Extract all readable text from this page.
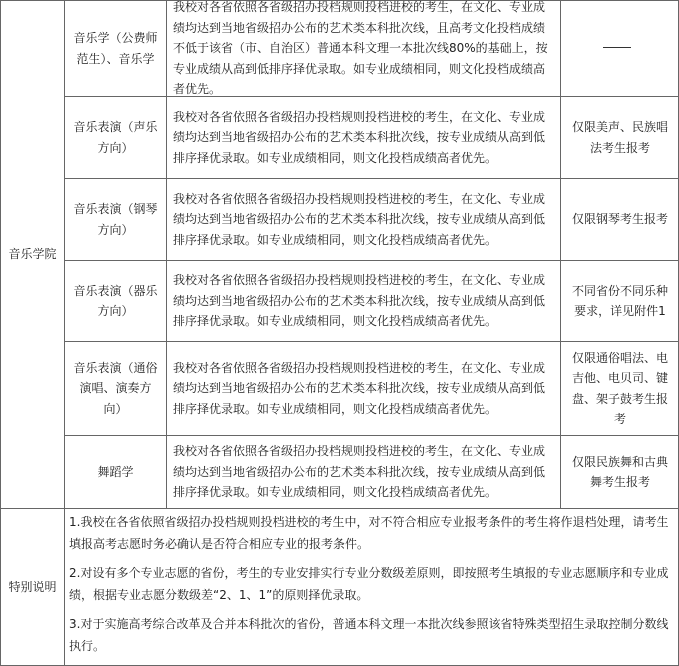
音乐学院
音乐学（公费师范生）、音乐学
我校对各省依照各省级招办投档规则投档进校的考生，在文化、专业成绩均达到当地省级招办公布的艺术类本科批次线，且高考文化投档成绩不低于该省（市、自治区）普通本科文理一本批次线80%的基础上，按专业成绩从高到低排序择优录取。如专业成绩相同，则文化投档成绩高者优先。
音乐表演（声乐方向）
我校对各省依照各省级招办投档规则投档进校的考生，在文化、专业成绩均达到当地省级招办公布的艺术类本科批次线，按专业成绩从高到低排序择优录取。如专业成绩相同，则文化投档成绩高者优先。
仅限美声、民族唱法考生报考
音乐表演（钢琴方向）
我校对各省依照各省级招办投档规则投档进校的考生，在文化、专业成绩均达到当地省级招办公布的艺术类本科批次线，按专业成绩从高到低排序择优录取。如专业成绩相同，则文化投档成绩高者优先。
仅限钢琴考生报考
音乐表演（器乐方向）
我校对各省依照各省级招办投档规则投档进校的考生，在文化、专业成绩均达到当地省级招办公布的艺术类本科批次线，按专业成绩从高到低排序择优录取。如专业成绩相同，则文化投档成绩高者优先。
不同省份不同乐种要求，详见附件1
音乐表演（通俗演唱、演奏方向）
我校对各省依照各省级招办投档规则投档进校的考生，在文化、专业成绩均达到当地省级招办公布的艺术类本科批次线，按专业成绩从高到低排序择优录取。如专业成绩相同，则文化投档成绩高者优先。
仅限通俗唱法、电吉他、电贝司、键盘、架子鼓考生报考
舞蹈学
我校对各省依照各省级招办投档规则投档进校的考生，在文化、专业成绩均达到当地省级招办公布的艺术类本科批次线，按专业成绩从高到低排序择优录取。如专业成绩相同，则文化投档成绩高者优先。
仅限民族舞和古典舞考生报考
特别说明
1.我校在各省依照省级招办投档规则投档进校的考生中，对不符合相应专业报考条件的考生将作退档处理，请考生填报高考志愿时务必确认是否符合相应专业的报考条件。
2.对设有多个专业志愿的省份，考生的专业安排实行专业分数级差原则，即按照考生填报的专业志愿顺序和专业成绩，根据专业志愿分数级差“2、1、1”的原则择优录取。
3.对于实施高考综合改革及合并本科批次的省份，普通本科文理一本批次线参照该省特殊类型招生录取控制分数线执行。
